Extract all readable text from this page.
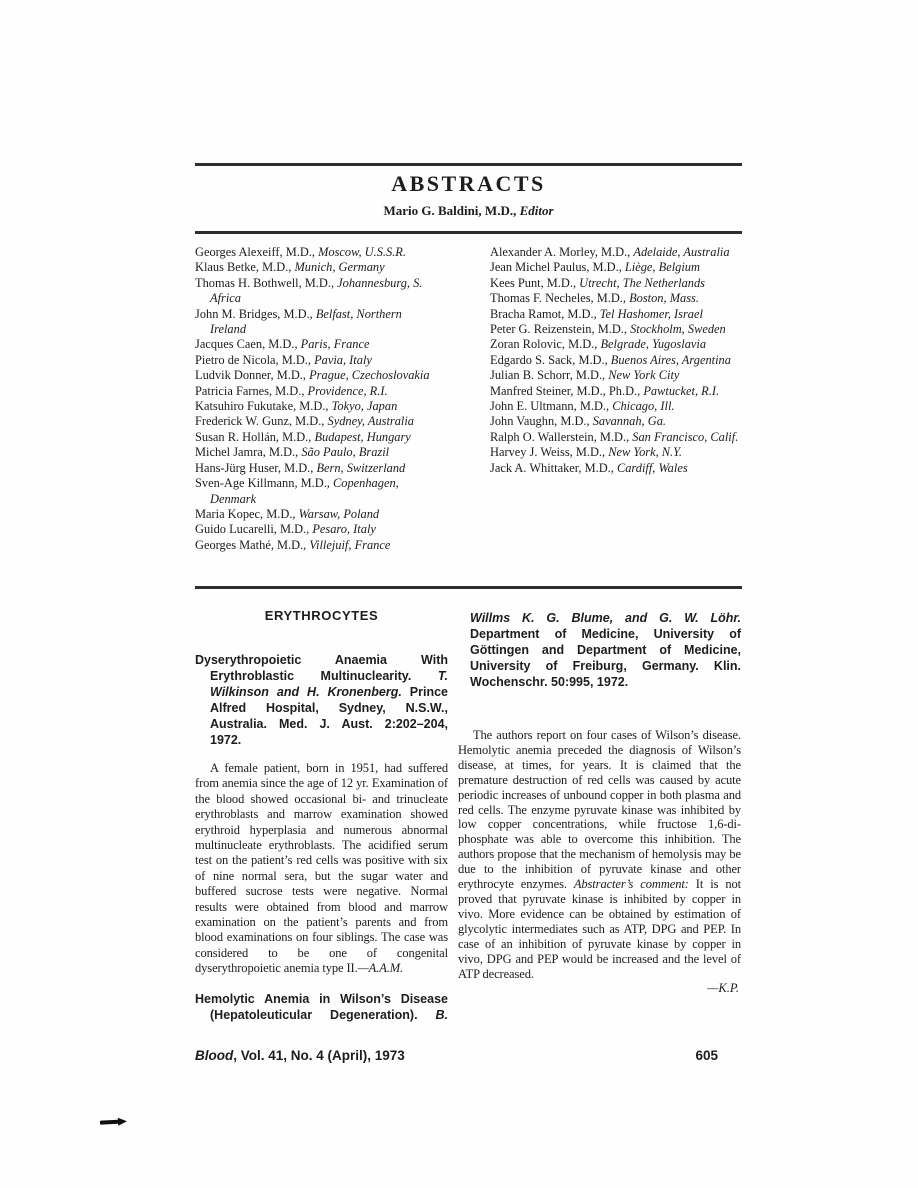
ABSTRACTS
Mario G. Baldini, M.D., Editor
Georges Alexeiff, M.D., Moscow, U.S.S.R.
Klaus Betke, M.D., Munich, Germany
Thomas H. Bothwell, M.D., Johannesburg, S. Africa
John M. Bridges, M.D., Belfast, Northern Ireland
Jacques Caen, M.D., Paris, France
Pietro de Nicola, M.D., Pavia, Italy
Ludvik Donner, M.D., Prague, Czechoslovakia
Patricia Farnes, M.D., Providence, R.I.
Katsuhiro Fukutake, M.D., Tokyo, Japan
Frederick W. Gunz, M.D., Sydney, Australia
Susan R. Hollán, M.D., Budapest, Hungary
Michel Jamra, M.D., São Paulo, Brazil
Hans-Jürg Huser, M.D., Bern, Switzerland
Sven-Age Killmann, M.D., Copenhagen, Denmark
Maria Kopec, M.D., Warsaw, Poland
Guido Lucarelli, M.D., Pesaro, Italy
Georges Mathé, M.D., Villejuif, France
Alexander A. Morley, M.D., Adelaide, Australia
Jean Michel Paulus, M.D., Liège, Belgium
Kees Punt, M.D., Utrecht, The Netherlands
Thomas F. Necheles, M.D., Boston, Mass.
Bracha Ramot, M.D., Tel Hashomer, Israel
Peter G. Reizenstein, M.D., Stockholm, Sweden
Zoran Rolovic, M.D., Belgrade, Yugoslavia
Edgardo S. Sack, M.D., Buenos Aires, Argentina
Julian B. Schorr, M.D., New York City
Manfred Steiner, M.D., Ph.D., Pawtucket, R.I.
John E. Ultmann, M.D., Chicago, Ill.
John Vaughn, M.D., Savannah, Ga.
Ralph O. Wallerstein, M.D., San Francisco, Calif.
Harvey J. Weiss, M.D., New York, N.Y.
Jack A. Whittaker, M.D., Cardiff, Wales
ERYTHROCYTES
Dyserythropoietic Anaemia With Erythroblastic Multinuclearity. T. Wilkinson and H. Kronenberg. Prince Alfred Hospital, Sydney, N.S.W., Australia. Med. J. Aust. 2:202–204, 1972.
A female patient, born in 1951, had suffered from anemia since the age of 12 yr. Examination of the blood showed occasional bi- and trinucleate erythroblasts and marrow examination showed erythroid hyperplasia and numerous abnormal multinucleate erythroblasts. The acidified serum test on the patient’s red cells was positive with six of nine normal sera, but the sugar water and buffered sucrose tests were negative. Normal results were obtained from blood and marrow examination on the patient’s parents and from blood examinations on four siblings. The case was considered to be one of congenital dyserythropoietic anemia type II.—A.A.M.
Hemolytic Anemia in Wilson’s Disease (Hepatoleuticular Degeneration). B.
Willms K. G. Blume, and G. W. Löhr. Department of Medicine, University of Göttingen and Department of Medicine, University of Freiburg, Germany. Klin. Wochenschr. 50:995, 1972.
The authors report on four cases of Wilson’s disease. Hemolytic anemia preceded the diagnosis of Wilson’s disease, at times, for years. It is claimed that the premature destruction of red cells was caused by acute periodic increases of unbound copper in both plasma and red cells. The enzyme pyruvate kinase was inhibited by low copper concentrations, while fructose 1,6-di-phosphate was able to overcome this inhibition. The authors propose that the mechanism of hemolysis may be due to the inhibition of pyruvate kinase and other erythrocyte enzymes. Abstracter’s comment: It is not proved that pyruvate kinase is inhibited by copper in vivo. More evidence can be obtained by estimation of glycolytic intermediates such as ATP, DPG and PEP. In case of an inhibition of pyruvate kinase by copper in vivo, DPG and PEP would be increased and the level of ATP decreased.
—K.P.
Blood, Vol. 41, No. 4 (April), 1973	605
